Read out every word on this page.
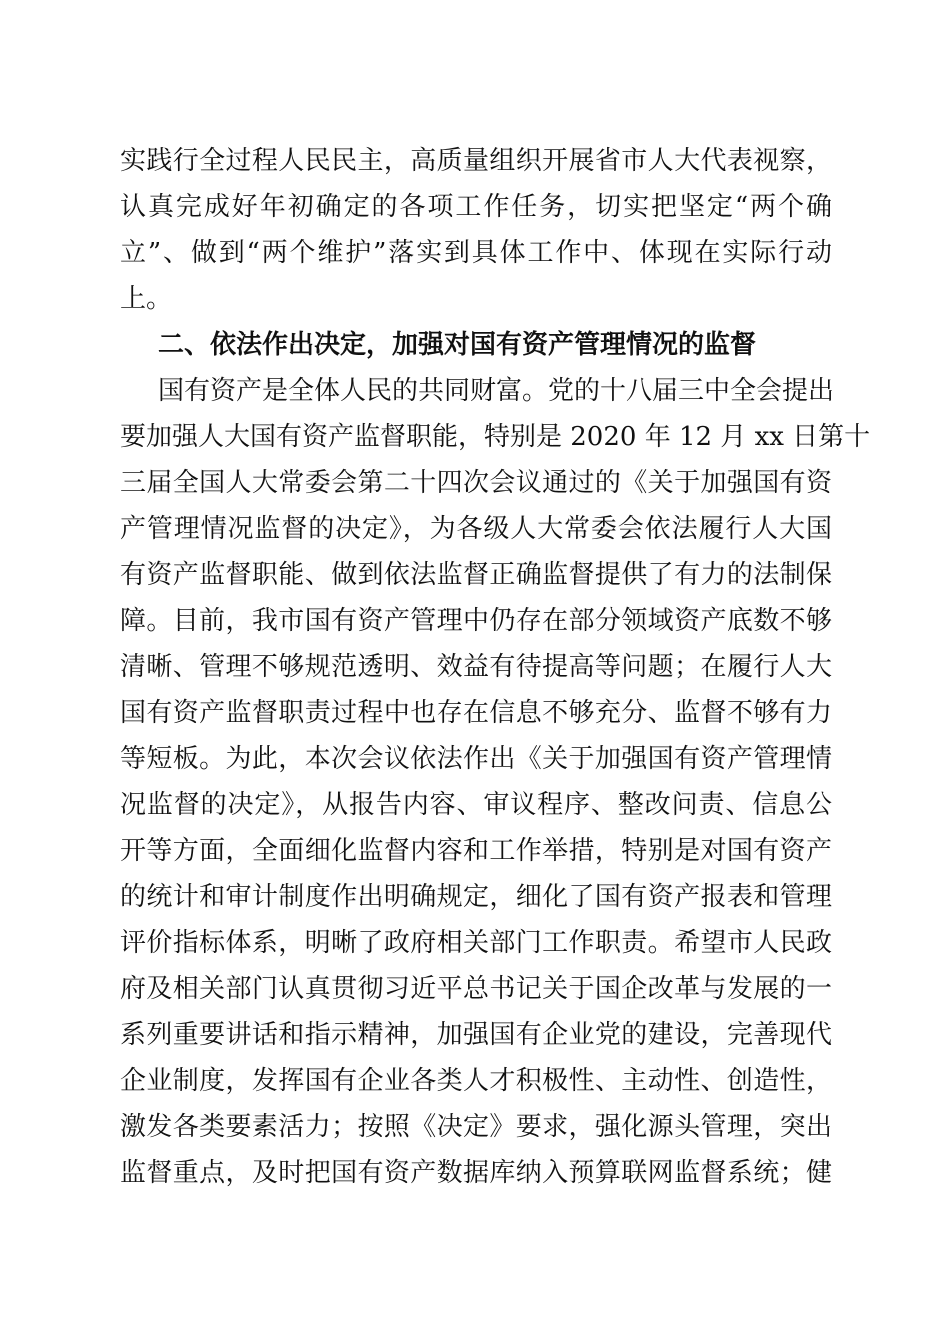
实践行全过程人民民主，高质量组织开展省市人大代表视察，
认真完成好年初确定的各项工作任务，切实把坚定“两个确
立”、做到“两个维护”落实到具体工作中、体现在实际行动
上。
二、依法作出决定，加强对国有资产管理情况的监督
国有资产是全体人民的共同财富。党的十八届三中全会提出
要加强人大国有资产监督职能，特别是 2020 年 12 月 xx 日第十
三届全国人大常委会第二十四次会议通过的《关于加强国有资
产管理情况监督的决定》，为各级人大常委会依法履行人大国
有资产监督职能、做到依法监督正确监督提供了有力的法制保
障。目前，我市国有资产管理中仍存在部分领域资产底数不够
清晰、管理不够规范透明、效益有待提高等问题；在履行人大
国有资产监督职责过程中也存在信息不够充分、监督不够有力
等短板。为此，本次会议依法作出《关于加强国有资产管理情
况监督的决定》，从报告内容、审议程序、整改问责、信息公
开等方面，全面细化监督内容和工作举措，特别是对国有资产
的统计和审计制度作出明确规定，细化了国有资产报表和管理
评价指标体系，明晰了政府相关部门工作职责。希望市人民政
府及相关部门认真贯彻习近平总书记关于国企改革与发展的一
系列重要讲话和指示精神，加强国有企业党的建设，完善现代
企业制度，发挥国有企业各类人才积极性、主动性、创造性，
激发各类要素活力；按照《决定》要求，强化源头管理，突出
监督重点，及时把国有资产数据库纳入预算联网监督系统；健
